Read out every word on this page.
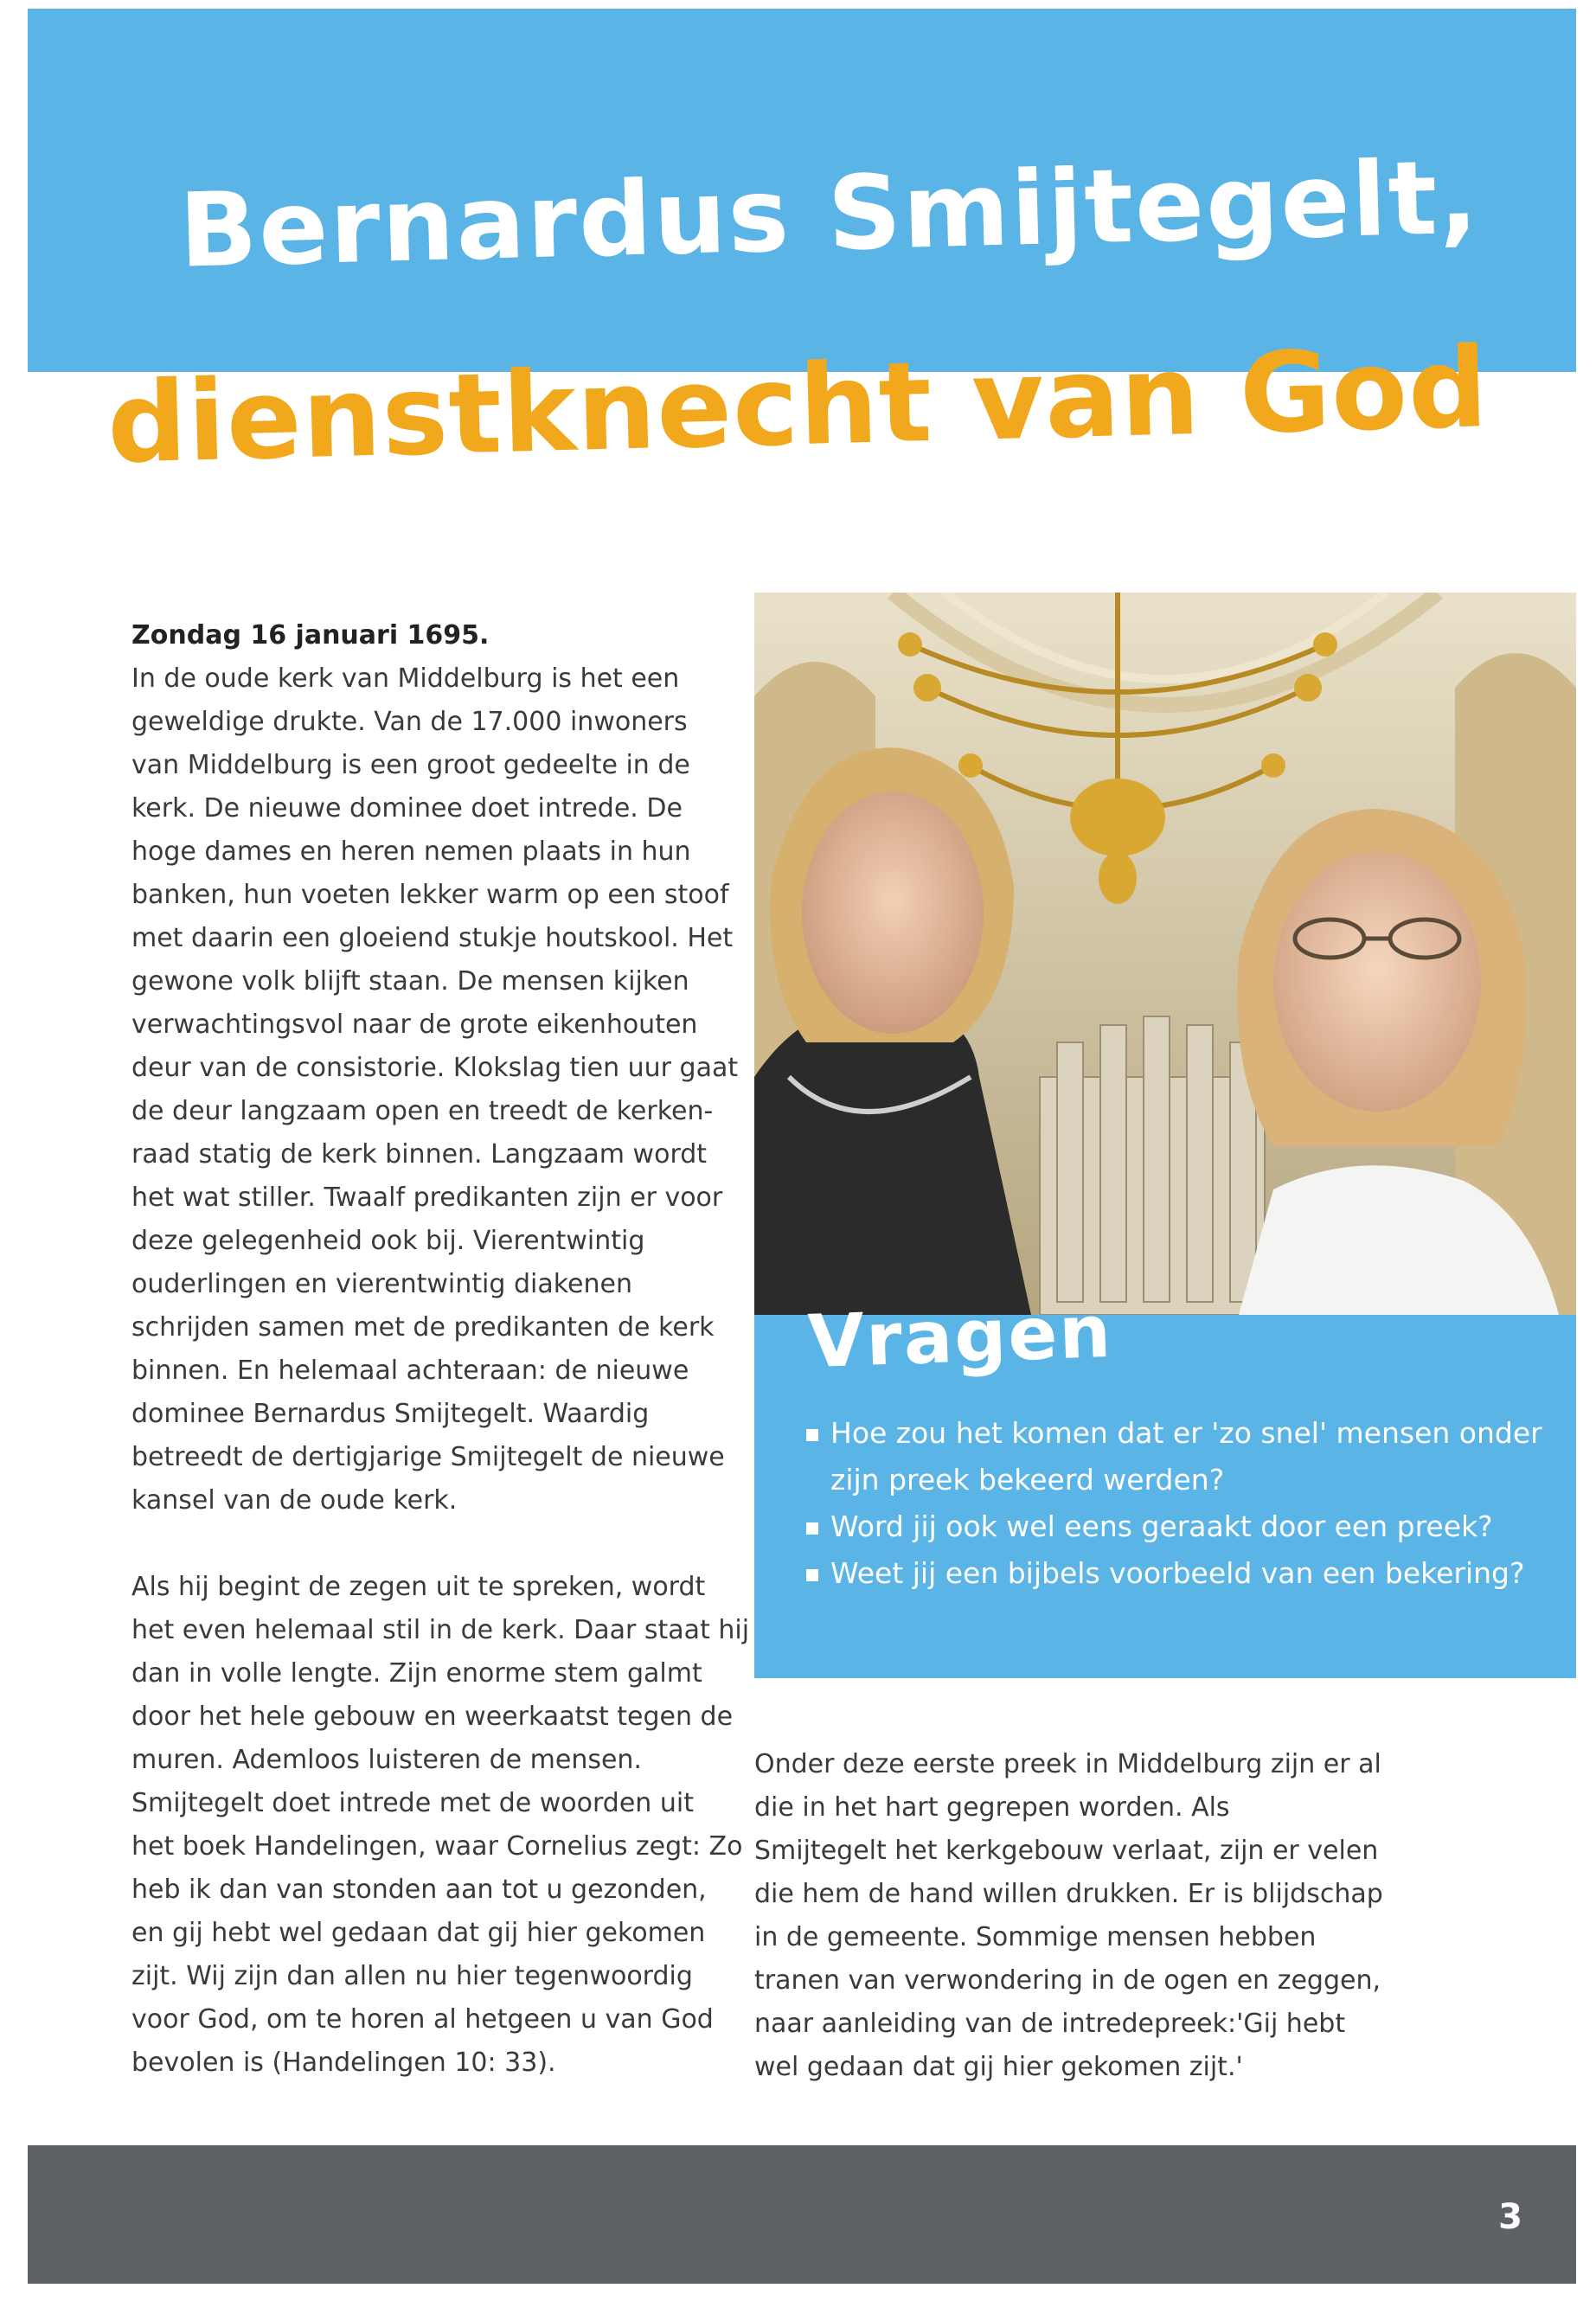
Bernardus Smijtegelt,
dienstknecht van God

Zondag 16 januari 1695.

In de oude kerk van Middelburg is het een
geweldige drukte. Van de 17.000 inwoners
van Middelburg is een groot gedeelte in de
kerk. De nieuwe dominee doet intrede. De
hoge dames en heren nemen plaats in hun
banken, hun voeten lekker warm op een stoof
met daarin een gloeiend stukje houtskool. Het
gewone volk blijft staan. De mensen kijken
verwachtingsvol naar de grote eikenhouten
deur van de consistorie. Klokslag tien uur gaat
de deur langzaam open en treedt de kerken-
raad statig de kerk binnen. Langzaam wordt
het wat stiller. Twaalf predikanten zijn er voor
deze gelegenheid ook bij. Vierentwintig
ouderlingen en vierentwintig diakenen
schrijden samen met de predikanten de kerk
binnen. En helemaal achteraan: de nieuwe
dominee Bernardus Smijtegelt. Waardig
betreedt de dertigjarige Smijtegelt de nieuwe
kansel van de oude kerk.
Als hij begint de zegen uit te spreken, wordt
het even helemaal stil in de kerk. Daar staat hij
dan in volle lengte. Zijn enorme stem galmt
door het hele gebouw en weerkaatst tegen de
muren. Ademloos luisteren de mensen.
Smijtegelt doet intrede met de woorden uit
het boek Handelingen, waar Cornelius zegt: Zo
heb ik dan van stonden aan tot u gezonden,
en gij hebt wel gedaan dat gij hier gekomen
zijt. Wij zijn dan allen nu hier tegenwoordig
voor God, om te horen al hetgeen u van God
bevolen is (Handelingen 10: 33).
Vragen

Hoe zou het komen dat er 'zo snel' mensen onder zijn preek bekeerd werden?

Word jij ook wel eens geraakt door een preek?

Weet jij een bijbels voorbeeld van een bekering?

Onder deze eerste preek in Middelburg zijn er al
die in het hart gegrepen worden. Als
Smijtegelt het kerkgebouw verlaat, zijn er velen
die hem de hand willen drukken. Er is blijdschap
in de gemeente. Sommige mensen hebben
tranen van verwondering in de ogen en zeggen,
naar aanleiding van de intredepreek:'Gij hebt
wel gedaan dat gij hier gekomen zijt.'
3
